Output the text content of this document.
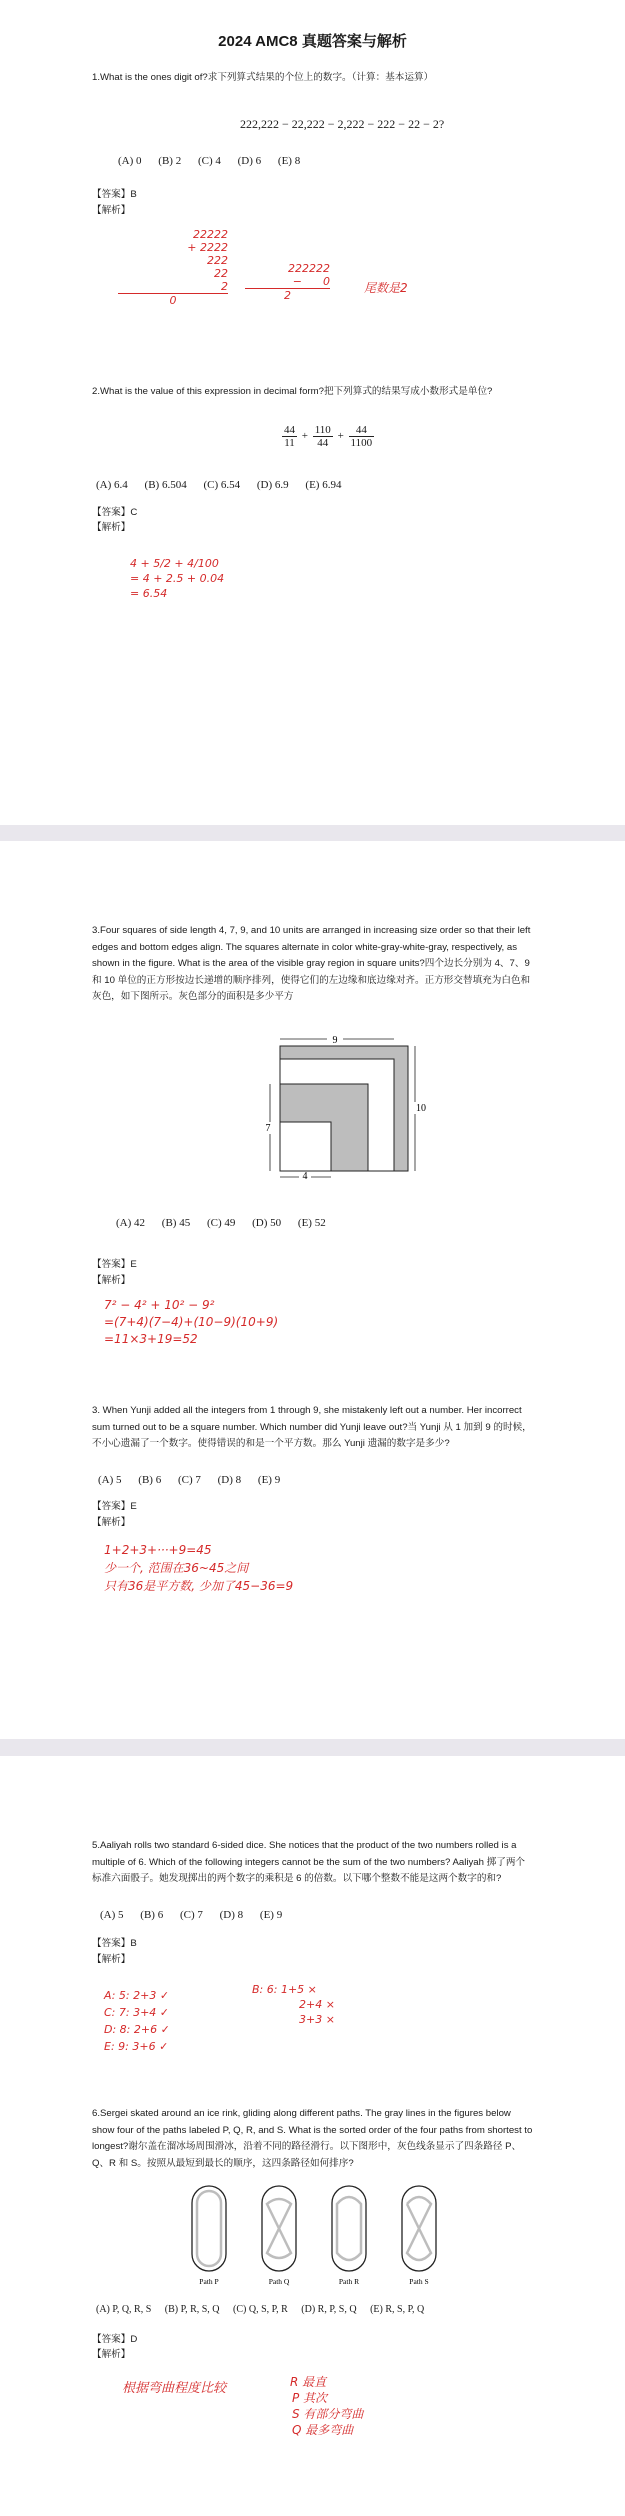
2024 AMC8 真题答案与解析
1.What is the ones digit of?求下列算式结果的个位上的数字。（计算：基本运算）
222,222 − 22,222 − 2,222 − 222 − 22 − 2?
(A) 0 (B) 2 (C) 4 (D) 6 (E) 8
【答案】B
【解析】
22222
+ 2222
222
22
2
0
222222
− 0
2
尾数是2
2.What is the value of this expression in decimal form?把下列算式的结果写成小数形式是单位?
$\frac{44}{11} + \frac{110}{44} + \frac{44}{1100}$
(A) 6.4 (B) 6.504 (C) 6.54 (D) 6.9 (E) 6.94
【答案】C
【解析】
4 + 5/2 + 4/100
= 4 + 2.5 + 0.04
= 6.54
3.Four squares of side length 4, 7, 9, and 10 units are arranged in increasing size order so that their left edges and bottom edges align. The squares alternate in color white-gray-white-gray, respectively, as shown in the figure. What is the area of the visible gray region in square units?四个边长分别为 4、7、9 和 10 单位的正方形按边长递增的顺序排列，使得它们的左边缘和底边缘对齐。正方形交替填充为白色和灰色，如下图所示。灰色部分的面积是多少平方
9
10
7
4
(A) 42 (B) 45 (C) 49 (D) 50 (E) 52
【答案】E
【解析】
7² − 4² + 10² − 9²
=(7+4)(7−4)+(10−9)(10+9)
=11×3+19=52
3. When Yunji added all the integers from 1 through 9, she mistakenly left out a number. Her incorrect sum turned out to be a square number. Which number did Yunji leave out?当 Yunji 从 1 加到 9 的时候，不小心遗漏了一个数字。使得错误的和是一个平方数。那么 Yunji 遗漏的数字是多少?
(A) 5 (B) 6 (C) 7 (D) 8 (E) 9
【答案】E
【解析】
1+2+3+···+9=45
少一个, 范围在36~45之间
只有36是平方数, 少加了45−36=9
5.Aaliyah rolls two standard 6-sided dice. She notices that the product of the two numbers rolled is a multiple of 6. Which of the following integers cannot be the sum of the two numbers? Aaliyah 掷了两个标准六面骰子。她发现掷出的两个数字的乘积是 6 的倍数。以下哪个整数不能是这两个数字的和?
(A) 5 (B) 6 (C) 7 (D) 8 (E) 9
【答案】B
【解析】
A: 5: 2+3 ✓
C: 7: 3+4 ✓
D: 8: 2+6 ✓
E: 9: 3+6 ✓
B: 6: 1+5 ×
2+4 ×
3+3 ×
6.Sergei skated around an ice rink, gliding along different paths. The gray lines in the figures below show four of the paths labeled P, Q, R, and S. What is the sorted order of the four paths from shortest to longest?谢尔盖在溜冰场周围滑冰，沿着不同的路径滑行。以下图形中，灰色线条显示了四条路径 P、Q、R 和 S。按照从最短到最长的顺序，这四条路径如何排序?
Path P	Path Q	Path R	Path S
(A) P, Q, R, S (B) P, R, S, Q (C) Q, S, P, R (D) R, P, S, Q (E) R, S, P, Q
【答案】D
【解析】
根据弯曲程度比较	R 最直
P 其次
S 有部分弯曲
Q 最多弯曲
